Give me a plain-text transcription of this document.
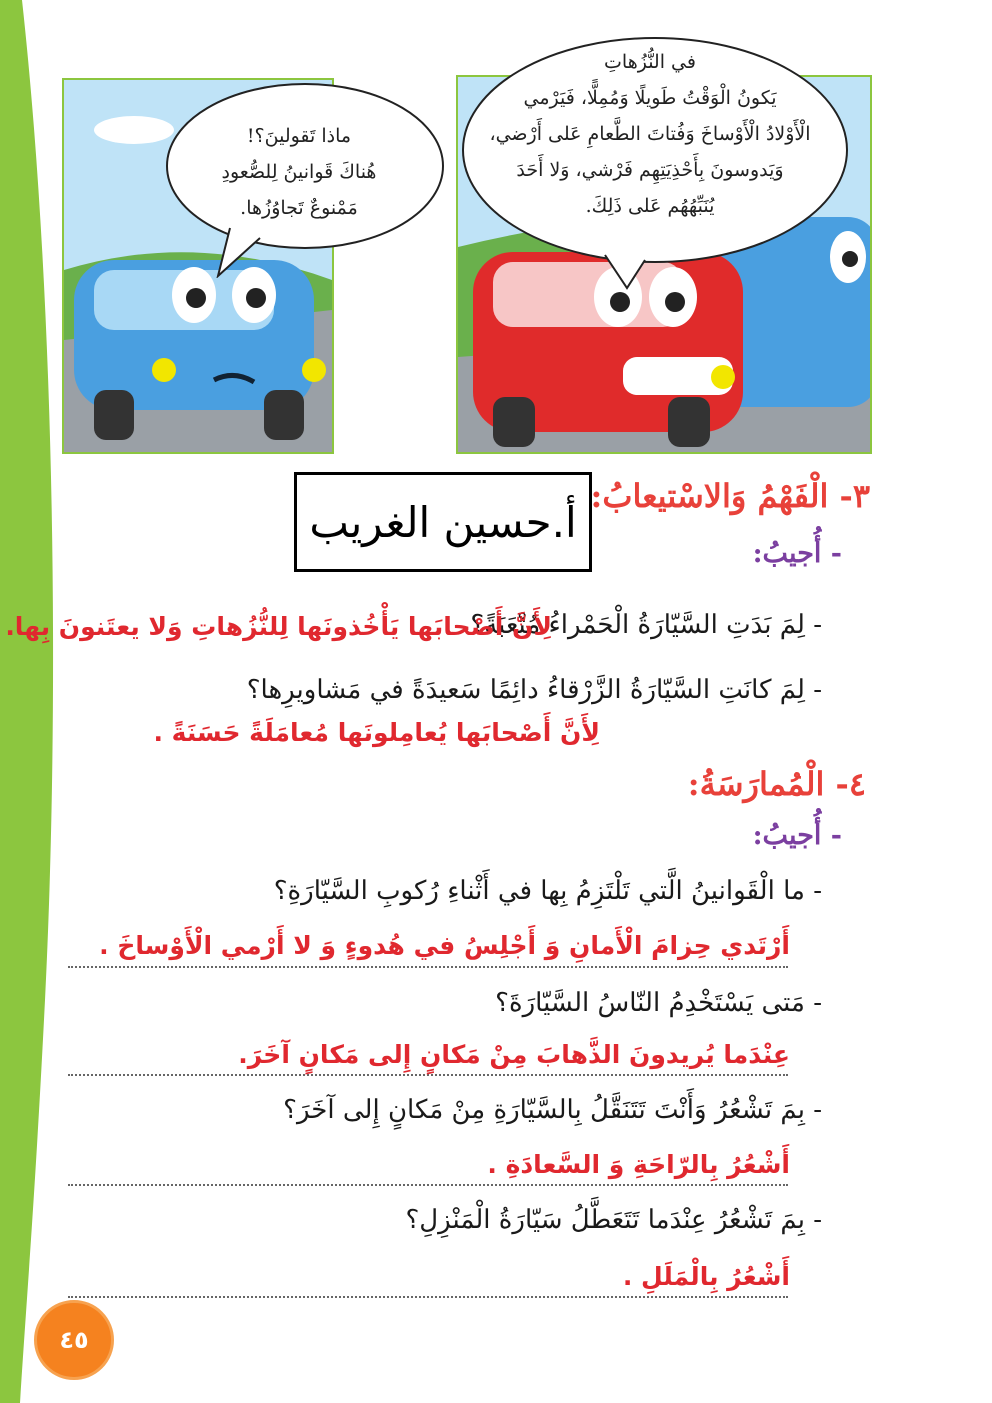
ماذا تَقولينَ؟!
هُناكَ قَوانينُ لِلصُّعودِ
مَمْنوعٌ تَجاوُزُها.
في النُّزُهاتِ
يَكونُ الْوَقْتُ طَويلًا وَمُمِلًّا، فَيَرْمي
الْأَوْلادُ الْأَوْساخَ وَفُتاتَ الطَّعامِ عَلى أَرْضي،
وَيَدوسونَ بِأَحْذِيَتِهِم فَرْشي، وَلا أَحَدَ
يُنَبِّهُهُم عَلى ذَلِكَ.
أ.حسين الغريب
٣- الْفَهْمُ وَالاسْتيعابُ:
- أُجيبُ:
- لِمَ بَدَتِ السَّيّارَةُ الْحَمْراءُ مُتْعَبَةً؟
لِأَنَّ أَصْحابَها يَأْخُذونَها لِلنُّزُهاتِ وَلا يعتَنونَ بِها.
- لِمَ كانَتِ السَّيّارَةُ الزَّرْقاءُ دائِمًا سَعيدَةً في مَشاويرِها؟
لِأَنَّ أَصْحابَها يُعامِلونَها مُعامَلَةً حَسَنَةً .
٤- الْمُمارَسَةُ:
- أُجيبُ:
- ما الْقَوانينُ الَّتي تَلْتَزِمُ بِها في أَثْناءِ رُكوبِ السَّيّارَةِ؟
أَرْتَدي حِزامَ الْأَمانِ وَ أَجْلِسُ في هُدوءٍ وَ لا أَرْمي الْأَوْساخَ .
- مَتى يَسْتَخْدِمُ النّاسُ السَّيّارَةَ؟
عِنْدَما يُريدونَ الذَّهابَ مِنْ مَكانٍ إِلى مَكانٍ آخَرَ.
- بِمَ تَشْعُرُ وَأَنْتَ تَتَنَقَّلُ بِالسَّيّارَةِ مِنْ مَكانٍ إِلى آخَرَ؟
أَشْعُرُ بِالرّاحَةِ وَ السَّعادَةِ .
- بِمَ تَشْعُرُ عِنْدَما تَتَعَطَّلُ سَيّارَةُ الْمَنْزِلِ؟
أَشْعُرُ بِالْمَلَلِ .
٤٥
